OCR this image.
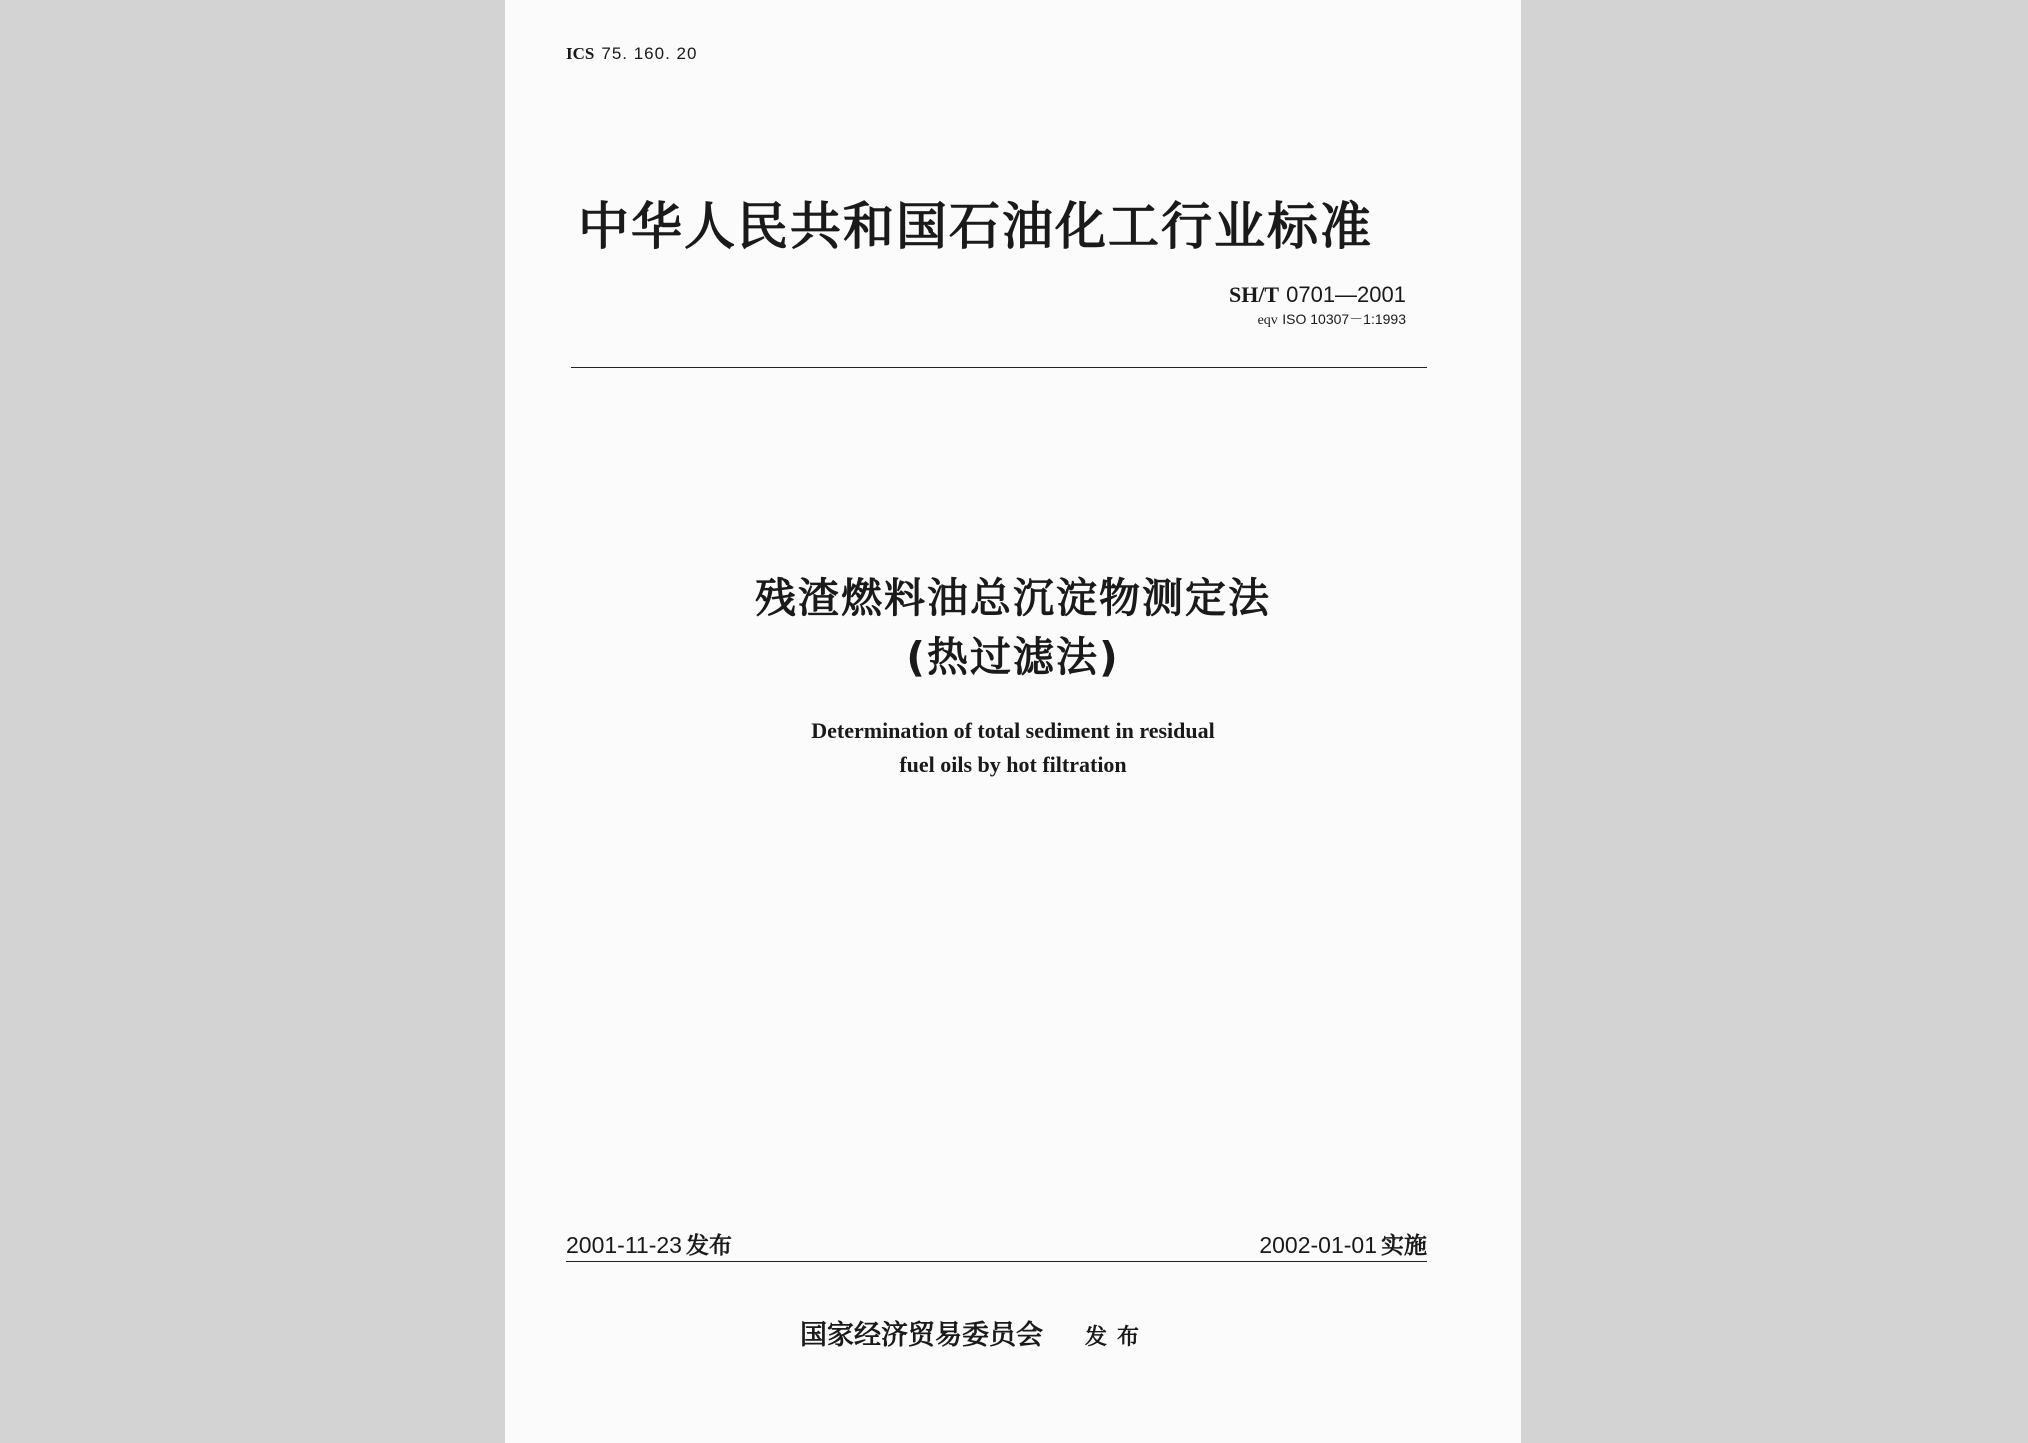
ICS 75. 160. 20
中华人民共和国石油化工行业标准
SH/T 0701—2001
eqv ISO 10307－1:1993
残渣燃料油总沉淀物测定法
(热过滤法)
Determination of total sediment in residual
fuel oils by hot filtration
2001-11-23 发布	2002-01-01 实施
国家经济贸易委员会 发布
